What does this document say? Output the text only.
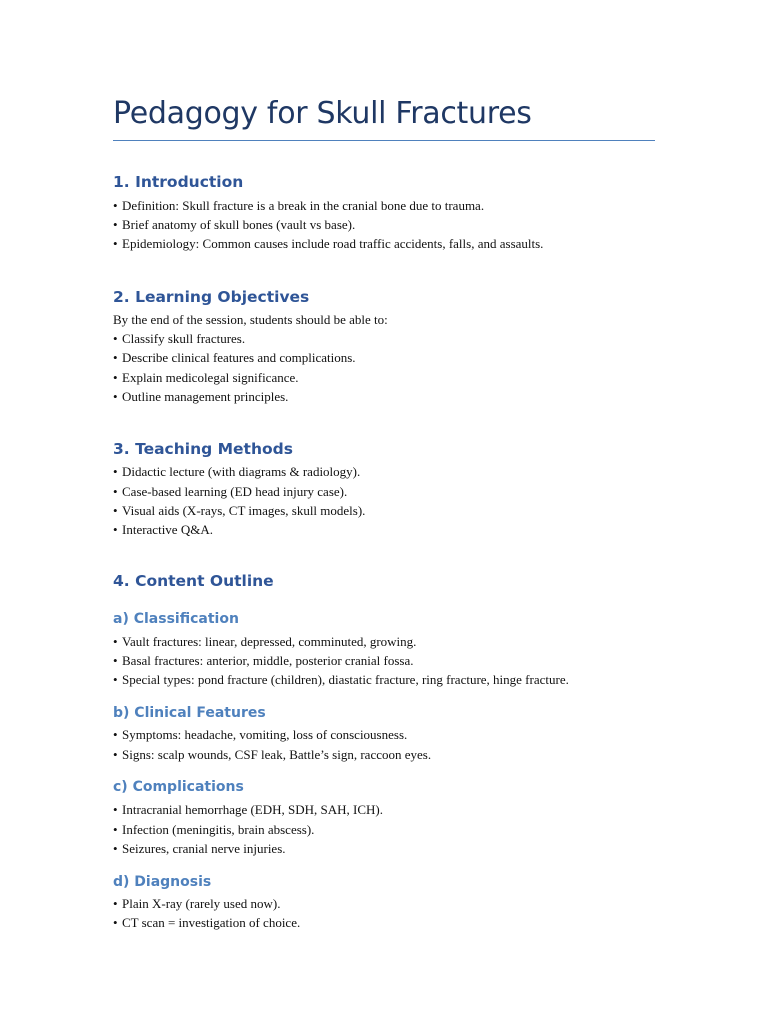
Pedagogy for Skull Fractures
1. Introduction

• Definition: Skull fracture is a break in the cranial bone due to trauma.

• Brief anatomy of skull bones (vault vs base).

• Epidemiology: Common causes include road traffic accidents, falls, and assaults.

2. Learning Objectives

By the end of the session, students should be able to:

• Classify skull fractures.

• Describe clinical features and complications.

• Explain medicolegal significance.

• Outline management principles.

3. Teaching Methods

• Didactic lecture (with diagrams & radiology).

• Case-based learning (ED head injury case).

• Visual aids (X-rays, CT images, skull models).

• Interactive Q&A.

4. Content Outline
a) Classification

• Vault fractures: linear, depressed, comminuted, growing.

• Basal fractures: anterior, middle, posterior cranial fossa.

• Special types: pond fracture (children), diastatic fracture, ring fracture, hinge fracture.

b) Clinical Features

• Symptoms: headache, vomiting, loss of consciousness.

• Signs: scalp wounds, CSF leak, Battle’s sign, raccoon eyes.

c) Complications

• Intracranial hemorrhage (EDH, SDH, SAH, ICH).

• Infection (meningitis, brain abscess).

• Seizures, cranial nerve injuries.

d) Diagnosis

• Plain X-ray (rarely used now).

• CT scan = investigation of choice.
